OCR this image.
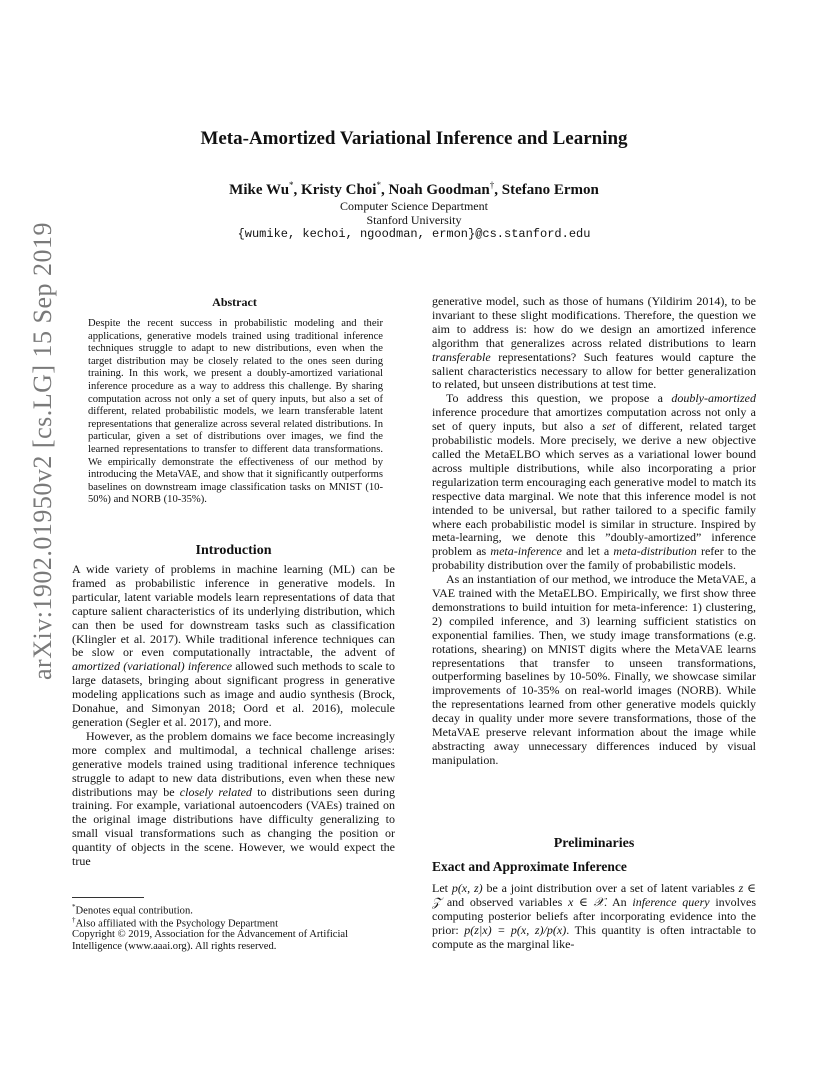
arXiv:1902.01950v2 [cs.LG] 15 Sep 2019
Meta-Amortized Variational Inference and Learning
Mike Wu*, Kristy Choi*, Noah Goodman†, Stefano Ermon
Computer Science Department
Stanford University
{wumike, kechoi, ngoodman, ermon}@cs.stanford.edu
Abstract
Despite the recent success in probabilistic modeling and their applications, generative models trained using traditional inference techniques struggle to adapt to new distributions, even when the target distribution may be closely related to the ones seen during training. In this work, we present a doubly-amortized variational inference procedure as a way to address this challenge. By sharing computation across not only a set of query inputs, but also a set of different, related probabilistic models, we learn transferable latent representations that generalize across several related distributions. In particular, given a set of distributions over images, we find the learned representations to transfer to different data transformations. We empirically demonstrate the effectiveness of our method by introducing the MetaVAE, and show that it significantly outperforms baselines on downstream image classification tasks on MNIST (10-50%) and NORB (10-35%).
Introduction

A wide variety of problems in machine learning (ML) can be framed as probabilistic inference in generative models. In particular, latent variable models learn representations of data that capture salient characteristics of its underlying distribution, which can then be used for downstream tasks such as classification (Klingler et al. 2017). While traditional inference techniques can be slow or even computationally intractable, the advent of amortized (variational) inference allowed such methods to scale to large datasets, bringing about significant progress in generative modeling applications such as image and audio synthesis (Brock, Donahue, and Simonyan 2018; Oord et al. 2016), molecule generation (Segler et al. 2017), and more.

However, as the problem domains we face become increasingly more complex and multimodal, a technical challenge arises: generative models trained using traditional inference techniques struggle to adapt to new data distributions, even when these new distributions may be closely related to distributions seen during training. For example, variational autoencoders (VAEs) trained on the original image distributions have difficulty generalizing to small visual transformations such as changing the position or quantity of objects in the scene. However, we would expect the true

*Denotes equal contribution.
†Also affiliated with the Psychology Department
Copyright © 2019, Association for the Advancement of Artificial Intelligence (www.aaai.org). All rights reserved.

generative model, such as those of humans (Yildirim 2014), to be invariant to these slight modifications. Therefore, the question we aim to address is: how do we design an amortized inference algorithm that generalizes across related distributions to learn transferable representations? Such features would capture the salient characteristics necessary to allow for better generalization to related, but unseen distributions at test time.

To address this question, we propose a doubly-amortized inference procedure that amortizes computation across not only a set of query inputs, but also a set of different, related target probabilistic models. More precisely, we derive a new objective called the MetaELBO which serves as a variational lower bound across multiple distributions, while also incorporating a prior regularization term encouraging each generative model to match its respective data marginal. We note that this inference model is not intended to be universal, but rather tailored to a specific family where each probabilistic model is similar in structure. Inspired by meta-learning, we denote this ”doubly-amortized” inference problem as meta-inference and let a meta-distribution refer to the probability distribution over the family of probabilistic models.

As an instantiation of our method, we introduce the MetaVAE, a VAE trained with the MetaELBO. Empirically, we first show three demonstrations to build intuition for meta-inference: 1) clustering, 2) compiled inference, and 3) learning sufficient statistics on exponential families. Then, we study image transformations (e.g. rotations, shearing) on MNIST digits where the MetaVAE learns representations that transfer to unseen transformations, outperforming baselines by 10-50%. Finally, we showcase similar improvements of 10-35% on real-world images (NORB). While the representations learned from other generative models quickly decay in quality under more severe transformations, those of the MetaVAE preserve relevant information about the image while abstracting away unnecessary differences induced by visual manipulation.

Preliminaries
Exact and Approximate Inference

Let p(x, z) be a joint distribution over a set of latent variables z ∈ 𝒵 and observed variables x ∈ 𝒳. An inference query involves computing posterior beliefs after incorporating evidence into the prior: p(z|x) = p(x, z)/p(x). This quantity is often intractable to compute as the marginal like-
